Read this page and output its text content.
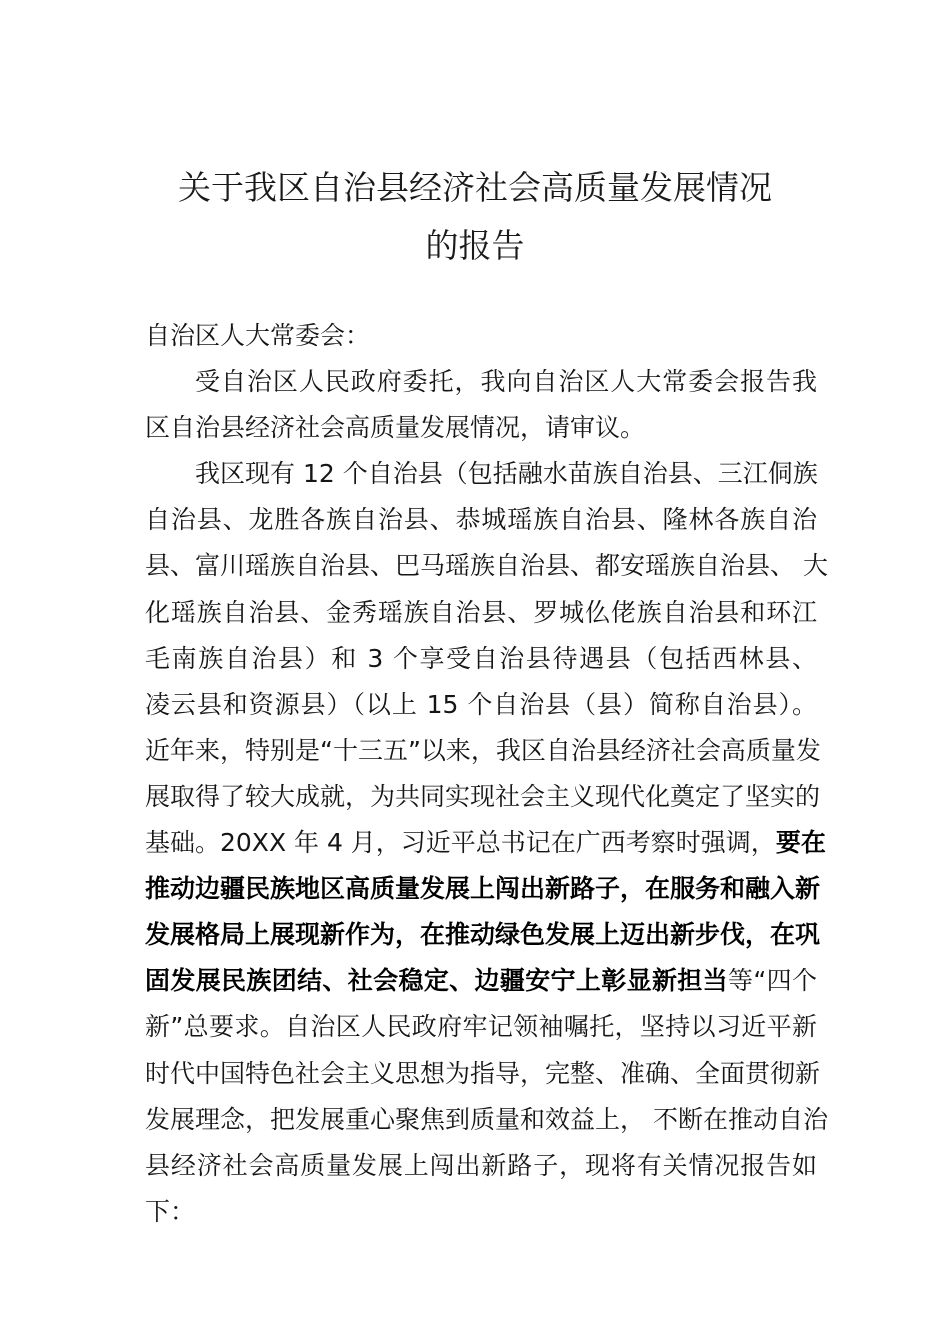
关于我区自治县经济社会高质量发展情况
的报告
自治区人大常委会：
受自治区人民政府委托，我向自治区人大常委会报告我
区自治县经济社会高质量发展情况，请审议。
我区现有 12 个自治县（包括融水苗族自治县、三江侗族
自治县、龙胜各族自治县、恭城瑶族自治县、隆林各族自治
县、富川瑶族自治县、巴马瑶族自治县、都安瑶族自治县、 大
化瑶族自治县、金秀瑶族自治县、罗城仫佬族自治县和环江
毛南族自治县）和 3 个享受自治县待遇县（包括西林县、
凌云县和资源县）（以上 15 个自治县（县）简称自治县）。
近年来，特别是“十三五”以来，我区自治县经济社会高质量发
展取得了较大成就，为共同实现社会主义现代化奠定了坚实的
基础。20XX 年 4 月，习近平总书记在广西考察时强调，要在
推动边疆民族地区高质量发展上闯出新路子，在服务和融入新
发展格局上展现新作为，在推动绿色发展上迈出新步伐，在巩
固发展民族团结、社会稳定、边疆安宁上彰显新担当等“四个
新”总要求。自治区人民政府牢记领袖嘱托，坚持以习近平新
时代中国特色社会主义思想为指导，完整、准确、全面贯彻新
发展理念，把发展重心聚焦到质量和效益上， 不断在推动自治
县经济社会高质量发展上闯出新路子，现将有关情况报告如
下：
